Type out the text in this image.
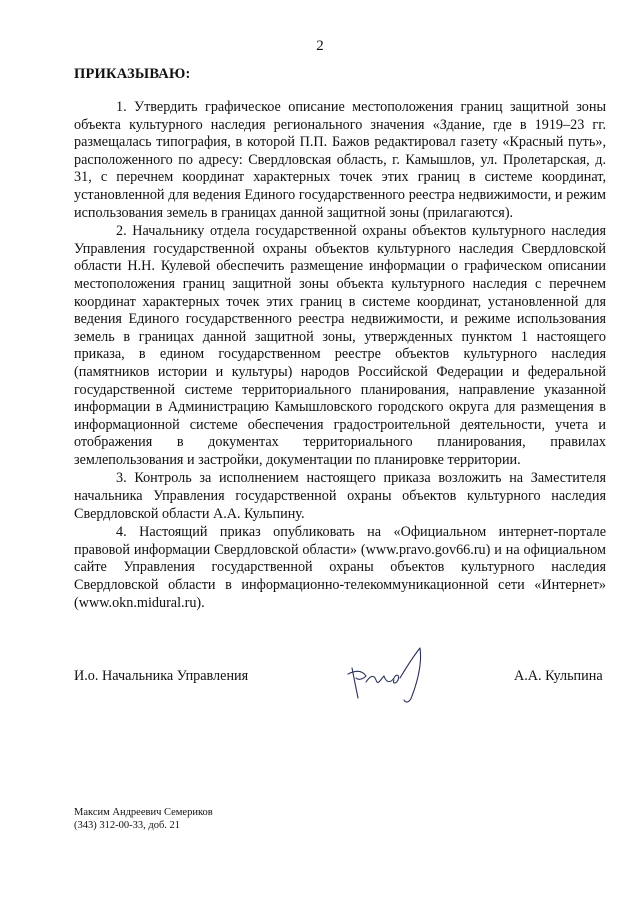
2
ПРИКАЗЫВАЮ:

1. Утвердить графическое описание местоположения границ защитной зоны объекта культурного наследия регионального значения «Здание, где в 1919–23 гг. размещалась типография, в которой П.П. Бажов редактировал газету «Красный путь», расположенного по адресу: Свердловская область, г. Камышлов, ул. Пролетарская, д. 31, с перечнем координат характерных точек этих границ в системе координат, установленной для ведения Единого государственного реестра недвижимости, и режим использования земель в границах данной защитной зоны (прилагаются).

2. Начальнику отдела государственной охраны объектов культурного наследия Управления государственной охраны объектов культурного наследия Свердловской области Н.Н. Кулевой обеспечить размещение информации о графическом описании местоположения границ защитной зоны объекта культурного наследия с перечнем координат характерных точек этих границ в системе координат, установленной для ведения Единого государственного реестра недвижимости, и режиме использования земель в границах данной защитной зоны, утвержденных пунктом 1 настоящего приказа, в едином государственном реестре объектов культурного наследия (памятников истории и культуры) народов Российской Федерации и федеральной государственной системе территориального планирования, направление указанной информации в Администрацию Камышловского городского округа для размещения в информационной системе обеспечения градостроительной деятельности, учета и отображения в документах территориального планирования, правилах землепользования и застройки, документации по планировке территории.

3. Контроль за исполнением настоящего приказа возложить на Заместителя начальника Управления государственной охраны объектов культурного наследия Свердловской области А.А. Кульпину.

4. Настоящий приказ опубликовать на «Официальном интернет-портале правовой информации Свердловской области» (www.pravo.gov66.ru) и на официальном сайте Управления государственной охраны объектов культурного наследия Свердловской области в информационно-телекоммуникационной сети «Интернет» (www.okn.midural.ru).

И.о. Начальника Управления	А.А. Кульпина
Максим Андреевич Семериков
(343) 312-00-33, доб. 21
